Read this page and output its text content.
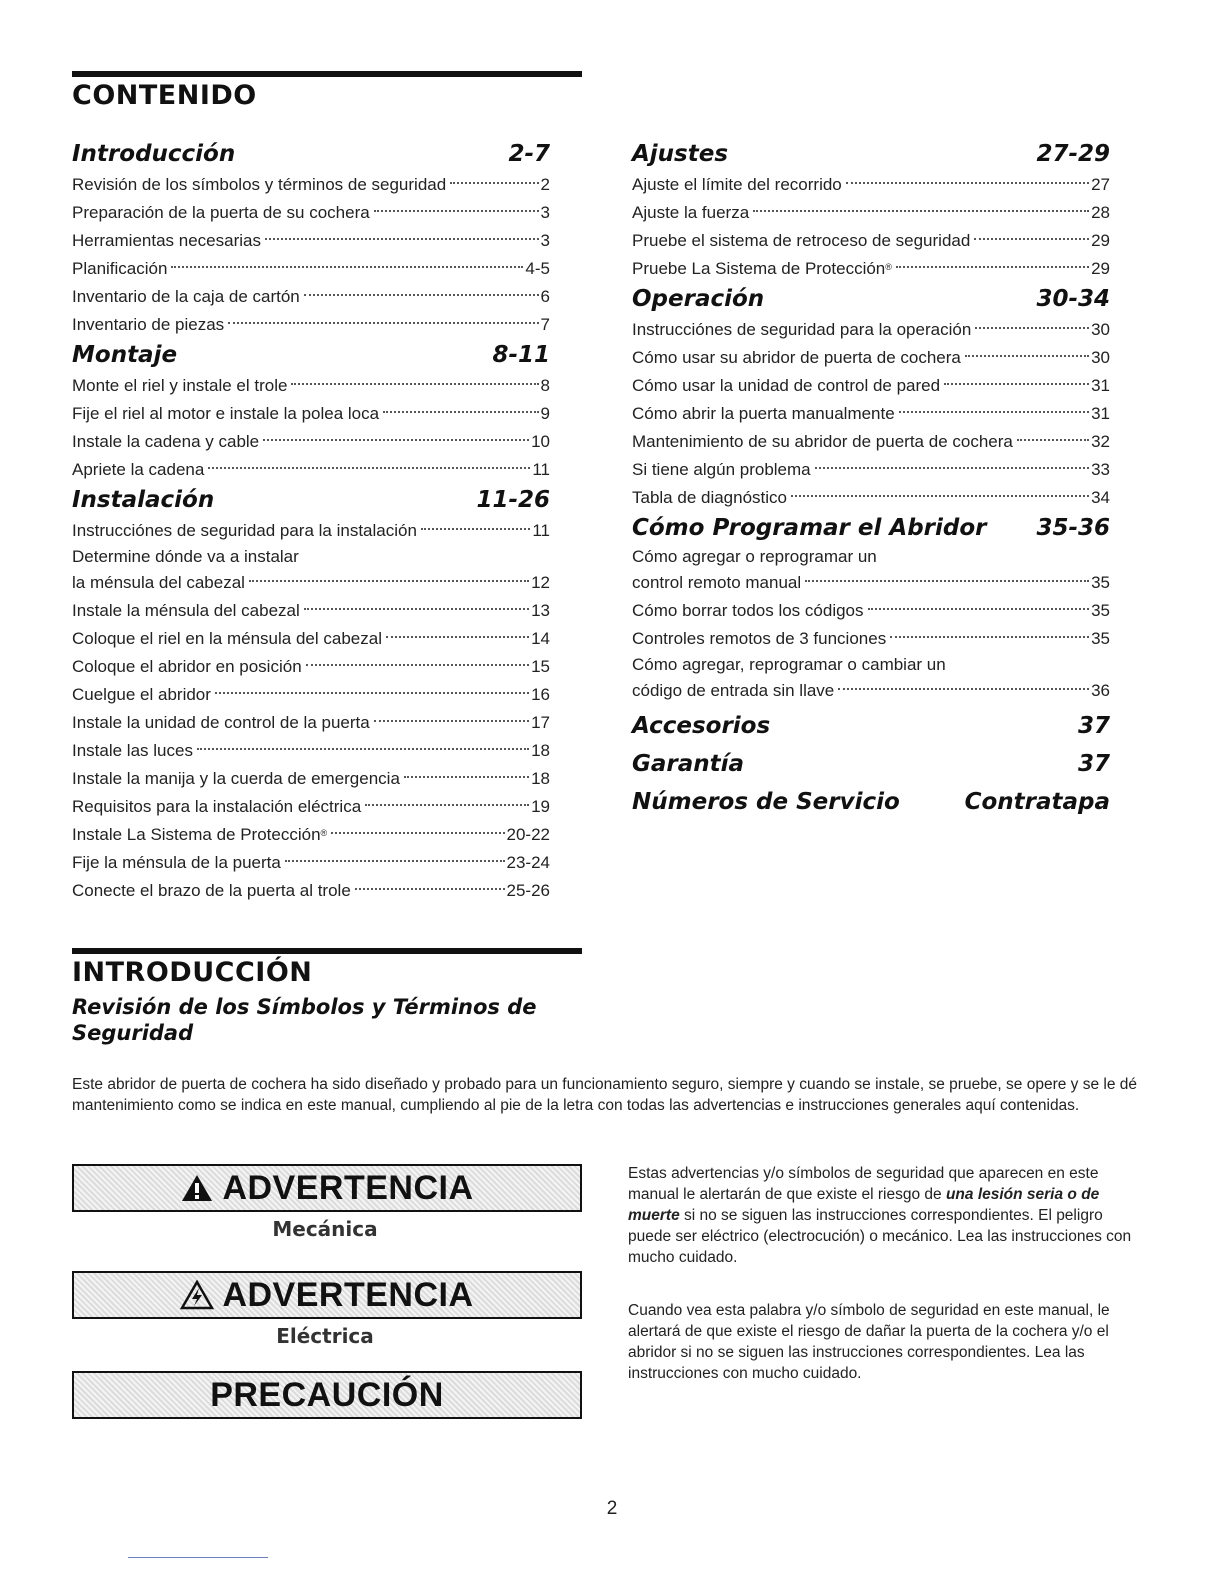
CONTENIDO
Introducción	2-7
Revisión de los símbolos y términos de seguridad	2
Preparación de la puerta de su cochera	3
Herramientas necesarias	3
Planificación	4-5
Inventario de la caja de cartón	6
Inventario de piezas	7
Montaje	8-11
Monte el riel y instale el trole	8
Fije el riel al motor e instale la polea loca	9
Instale la cadena y cable	10
Apriete la cadena	11
Instalación	11-26
Instrucciónes de seguridad para la instalación	11
Determine dónde va a instalar
la ménsula del cabezal	12
Instale la ménsula del cabezal	13
Coloque el riel en la ménsula del cabezal	14
Coloque el abridor en posición	15
Cuelgue el abridor	16
Instale la unidad de control de la puerta	17
Instale las luces	18
Instale la manija y la cuerda de emergencia	18
Requisitos para la instalación eléctrica	19
Instale La Sistema de Protección®	20-22
Fije la ménsula de la puerta	23-24
Conecte el brazo de la puerta al trole	25-26
Ajustes	27-29
Ajuste el límite del recorrido	27
Ajuste la fuerza	28
Pruebe el sistema de retroceso de seguridad	29
Pruebe La Sistema de Protección®	29
Operación	30-34
Instrucciónes de seguridad para la operación	30
Cómo usar su abridor de puerta de cochera	30
Cómo usar la unidad de control de pared	31
Cómo abrir la puerta manualmente	31
Mantenimiento de su abridor de puerta de cochera	32
Si tiene algún problema	33
Tabla de diagnóstico	34
Cómo Programar el Abridor 35-36
Cómo agregar o reprogramar un
control remoto manual	35
Cómo borrar todos los códigos	35
Controles remotos de 3 funciones	35
Cómo agregar, reprogramar o cambiar un
código de entrada sin llave	36
Accesorios	37
Garantía	37
Números de Servicio	Contratapa
INTRODUCCIÓN
Revisión de los Símbolos y Términos de Seguridad
Este abridor de puerta de cochera ha sido diseñado y probado para un funcionamiento seguro, siempre y cuando se instale, se pruebe, se opere y se le dé mantenimiento como se indica en este manual, cumpliendo al pie de la letra con todas las advertencias e instrucciones generales aquí contenidas.
ADVERTENCIA
Mecánica
ADVERTENCIA
Eléctrica
PRECAUCIÓN
Estas advertencias y/o símbolos de seguridad que aparecen en este manual le alertarán de que existe el riesgo de una lesión seria o de muerte si no se siguen las instrucciones correspondientes. El peligro puede ser eléctrico (electrocución) o mecánico. Lea las instrucciones con mucho cuidado.
Cuando vea esta palabra y/o símbolo de seguridad en este manual, le alertará de que existe el riesgo de dañar la puerta de la cochera y/o el abridor si no se siguen las instrucciones correspondientes. Lea las instrucciones con mucho cuidado.
2
